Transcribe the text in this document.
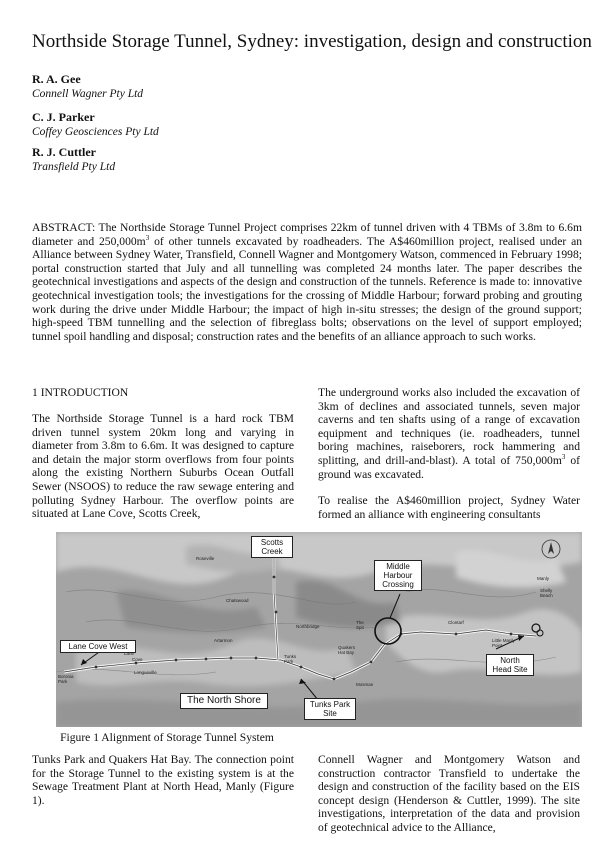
Northside Storage Tunnel, Sydney: investigation, design and construction
R. A. Gee
Connell Wagner Pty Ltd
C. J. Parker
Coffey Geosciences Pty Ltd
R. J. Cuttler
Transfield Pty Ltd

ABSTRACT: The Northside Storage Tunnel Project comprises 22km of tunnel driven with 4 TBMs of 3.8m to 6.6m diameter and $250,000m^3$ of other tunnels excavated by roadheaders. The A$460million project, realised under an Alliance between Sydney Water, Transfield, Connell Wagner and Montgomery Watson, commenced in February 1998; portal construction started that July and all tunnelling was completed 24 months later. The paper describes the geotechnical investigations and aspects of the design and construction of the tunnels. Reference is made to: innovative geotechnical investigation tools; the investigations for the crossing of Middle Harbour; forward probing and grouting work during the drive under Middle Harbour; the impact of high in-situ stresses; the design of the ground support; high-speed TBM tunnelling and the selection of fibreglass bolts; observations on the level of support employed; tunnel spoil handling and disposal; construction rates and the benefits of an alliance approach to such works.

1 INTRODUCTION

The Northside Storage Tunnel is a hard rock TBM driven tunnel system 20km long and varying in diameter from 3.8m to 6.6m. It was designed to capture and detain the major storm overflows from four points along the existing Northern Suburbs Ocean Outfall Sewer (NSOOS) to reduce the raw sewage entering and polluting Sydney Harbour. The overflow points are situated at Lane Cove, Scotts Creek,

The underground works also included the excavation of 3km of declines and associated tunnels, seven major caverns and ten shafts using of a range of excavation equipment and techniques (ie. roadheaders, tunnel boring machines, raiseborers, rock hammering and splitting, and drill-and-blast). A total of $750,000m^3$ of ground was excavated.

To realise the A$460million project, Sydney Water formed an alliance with engineering consultants

Scotts Creek
Middle Harbour Crossing
Lane Cove West
The North Shore	Tunks Park Site
North Head Site
Roseville
Chatswood
Artarmon
Northbridge
Manly
Shelly Beach
Clontarf
The Spit
Little Manly Point
Quakers Hat Bay
Tunks Park
Longueville
Mosman
Lane
Cove
Boronia Park

Figure 1 Alignment of Storage Tunnel System

Tunks Park and Quakers Hat Bay. The connection point for the Storage Tunnel to the existing system is at the Sewage Treatment Plant at North Head, Manly (Figure 1).

Connell Wagner and Montgomery Watson and construction contractor Transfield to undertake the design and construction of the facility based on the EIS concept design (Henderson & Cuttler, 1999). The site investigations, interpretation of the data and provision of geotechnical advice to the Alliance,
